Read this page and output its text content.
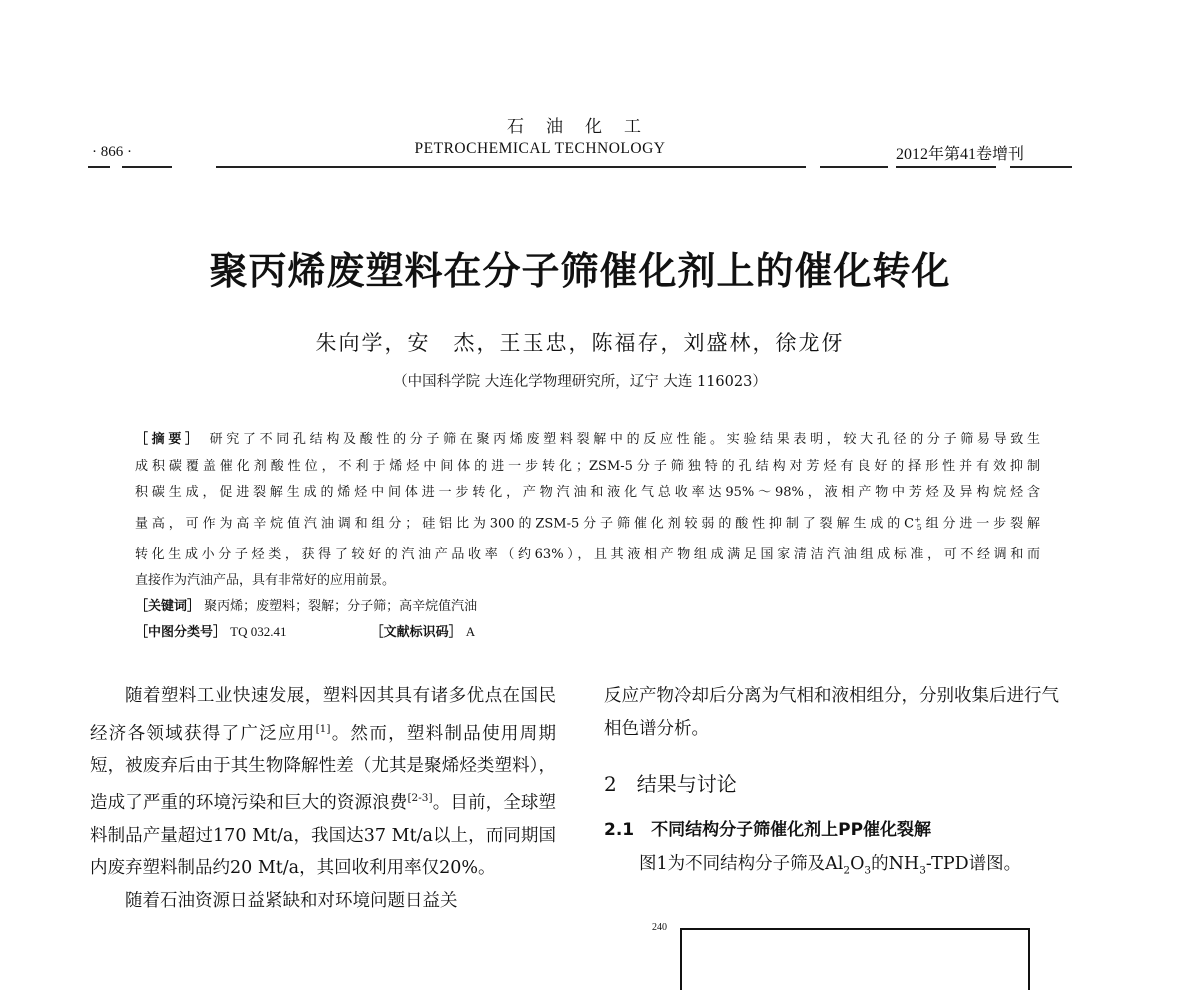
石油化工
PETROCHEMICAL TECHNOLOGY
· 866 ·	2012年第41卷增刊
聚丙烯废塑料在分子筛催化剂上的催化转化
朱向学，安　杰，王玉忠，陈福存，刘盛林，徐龙伢
（中国科学院 大连化学物理研究所，辽宁 大连 116023）

［摘要］ 研究了不同孔结构及酸性的分子筛在聚丙烯废塑料裂解中的反应性能。实验结果表明，较大孔径的分子筛易导致生

成积碳覆盖催化剂酸性位，不利于烯烃中间体的进一步转化；ZSM-5分子筛独特的孔结构对芳烃有良好的择形性并有效抑制

积碳生成，促进裂解生成的烯烃中间体进一步转化，产物汽油和液化气总收率达95%～98%，液相产物中芳烃及异构烷烃含

量高，可作为高辛烷值汽油调和组分；硅铝比为300的ZSM-5分子筛催化剂较弱的酸性抑制了裂解生成的$C^+_5$组分进一步裂解

转化生成小分子烃类，获得了较好的汽油产品收率（约63%），且其液相产物组成满足国家清洁汽油组成标准，可不经调和而

直接作为汽油产品，具有非常好的应用前景。

［关键词］ 聚丙烯；废塑料；裂解；分子筛；高辛烷值汽油
［中图分类号］ TQ 032.41	［文献标识码］ A

随着塑料工业快速发展，塑料因其具有诸多优点在国民经济各领域获得了广泛应用[1]。然而，塑料制品使用周期短，被废弃后由于其生物降解性差（尤其是聚烯烃类塑料），造成了严重的环境污染和巨大的资源浪费[2-3]。目前，全球塑料制品产量超过170 Mt/a，我国达37 Mt/a以上，而同期国内废弃塑料制品约20 Mt/a，其回收利用率仅20%。

随着石油资源日益紧缺和对环境问题日益关

反应产物冷却后分离为气相和液相组分，分别收集后进行气相色谱分析。

2　结果与讨论
2.1　不同结构分子筛催化剂上PP催化裂解

图1为不同结构分子筛及$Al_2O_3$的$NH_3$-TPD谱图。

240
